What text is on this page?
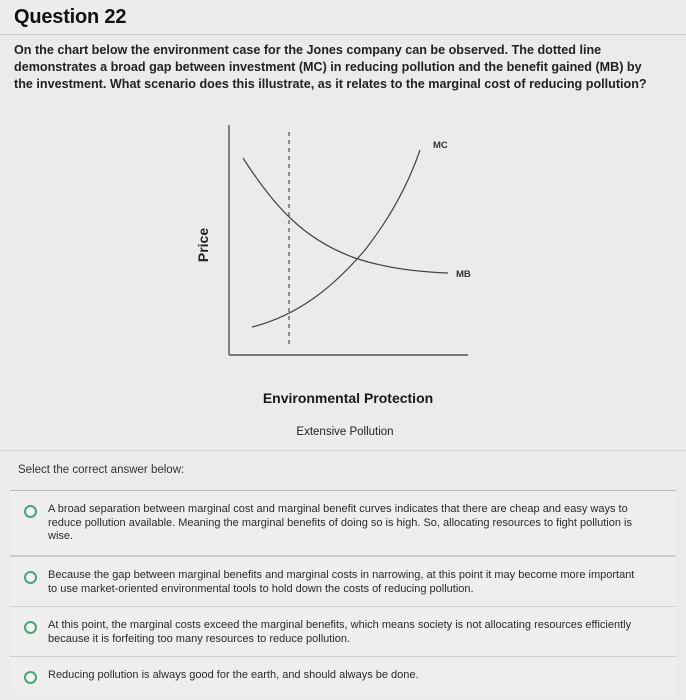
Question 22
On the chart below the environment case for the Jones company can be observed. The dotted line demonstrates a broad gap between investment (MC) in reducing pollution and the benefit gained (MB) by the investment. What scenario does this illustrate, as it relates to the marginal cost of reducing pollution?
Price
MC
MB
Environmental Protection
Extensive Pollution
Select the correct answer below:
A broad separation between marginal cost and marginal benefit curves indicates that there are cheap and easy ways to reduce pollution available. Meaning the marginal benefits of doing so is high. So, allocating resources to fight pollution is wise.
Because the gap between marginal benefits and marginal costs in narrowing, at this point it may become more important to use market-oriented environmental tools to hold down the costs of reducing pollution.
At this point, the marginal costs exceed the marginal benefits, which means society is not allocating resources efficiently because it is forfeiting too many resources to reduce pollution.
Reducing pollution is always good for the earth, and should always be done.
